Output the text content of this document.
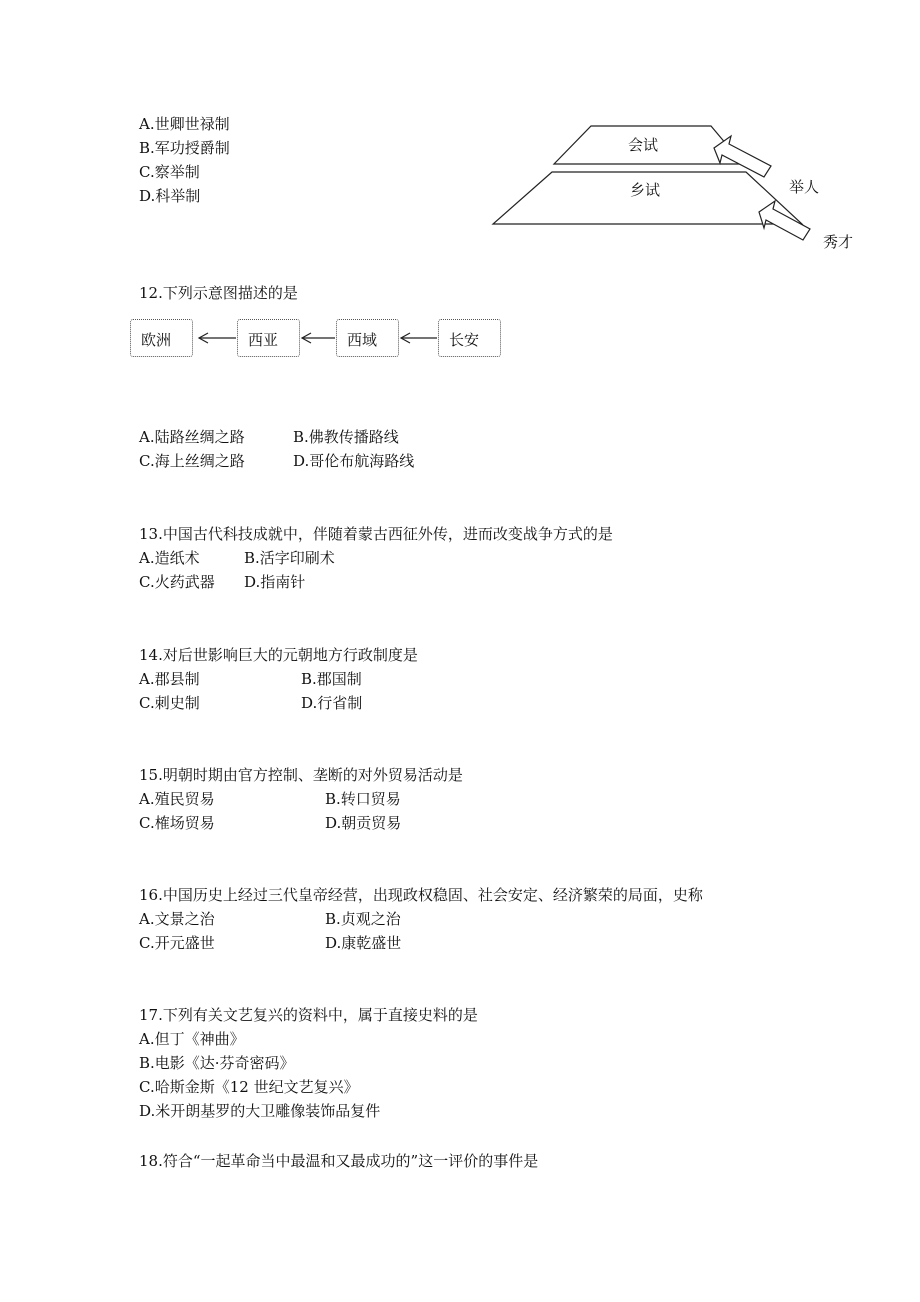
A.世卿世禄制
B.军功授爵制
C.察举制
D.科举制
会试
乡试	举人
秀才
12.下列示意图描述的是
欧洲	西亚	西域	长安
A.陆路丝绸之路	B.佛教传播路线
C.海上丝绸之路	D.哥伦布航海路线
13.中国古代科技成就中，伴随着蒙古西征外传，进而改变战争方式的是
A.造纸术	B.活字印刷术
C.火药武器 D.指南针
14.对后世影响巨大的元朝地方行政制度是
A.郡县制	B.郡国制
C.刺史制	D.行省制
15.明朝时期由官方控制、垄断的对外贸易活动是
A.殖民贸易	B.转口贸易
C.榷场贸易	D.朝贡贸易
16.中国历史上经过三代皇帝经营，出现政权稳固、社会安定、经济繁荣的局面，史称
A.文景之治	B.贞观之治
C.开元盛世	D.康乾盛世
17.下列有关文艺复兴的资料中，属于直接史料的是
A.但丁《神曲》
B.电影《达·芬奇密码》
C.哈斯金斯《12 世纪文艺复兴》
D.米开朗基罗的大卫雕像装饰品复件
18.符合“一起革命当中最温和又最成功的”这一评价的事件是
